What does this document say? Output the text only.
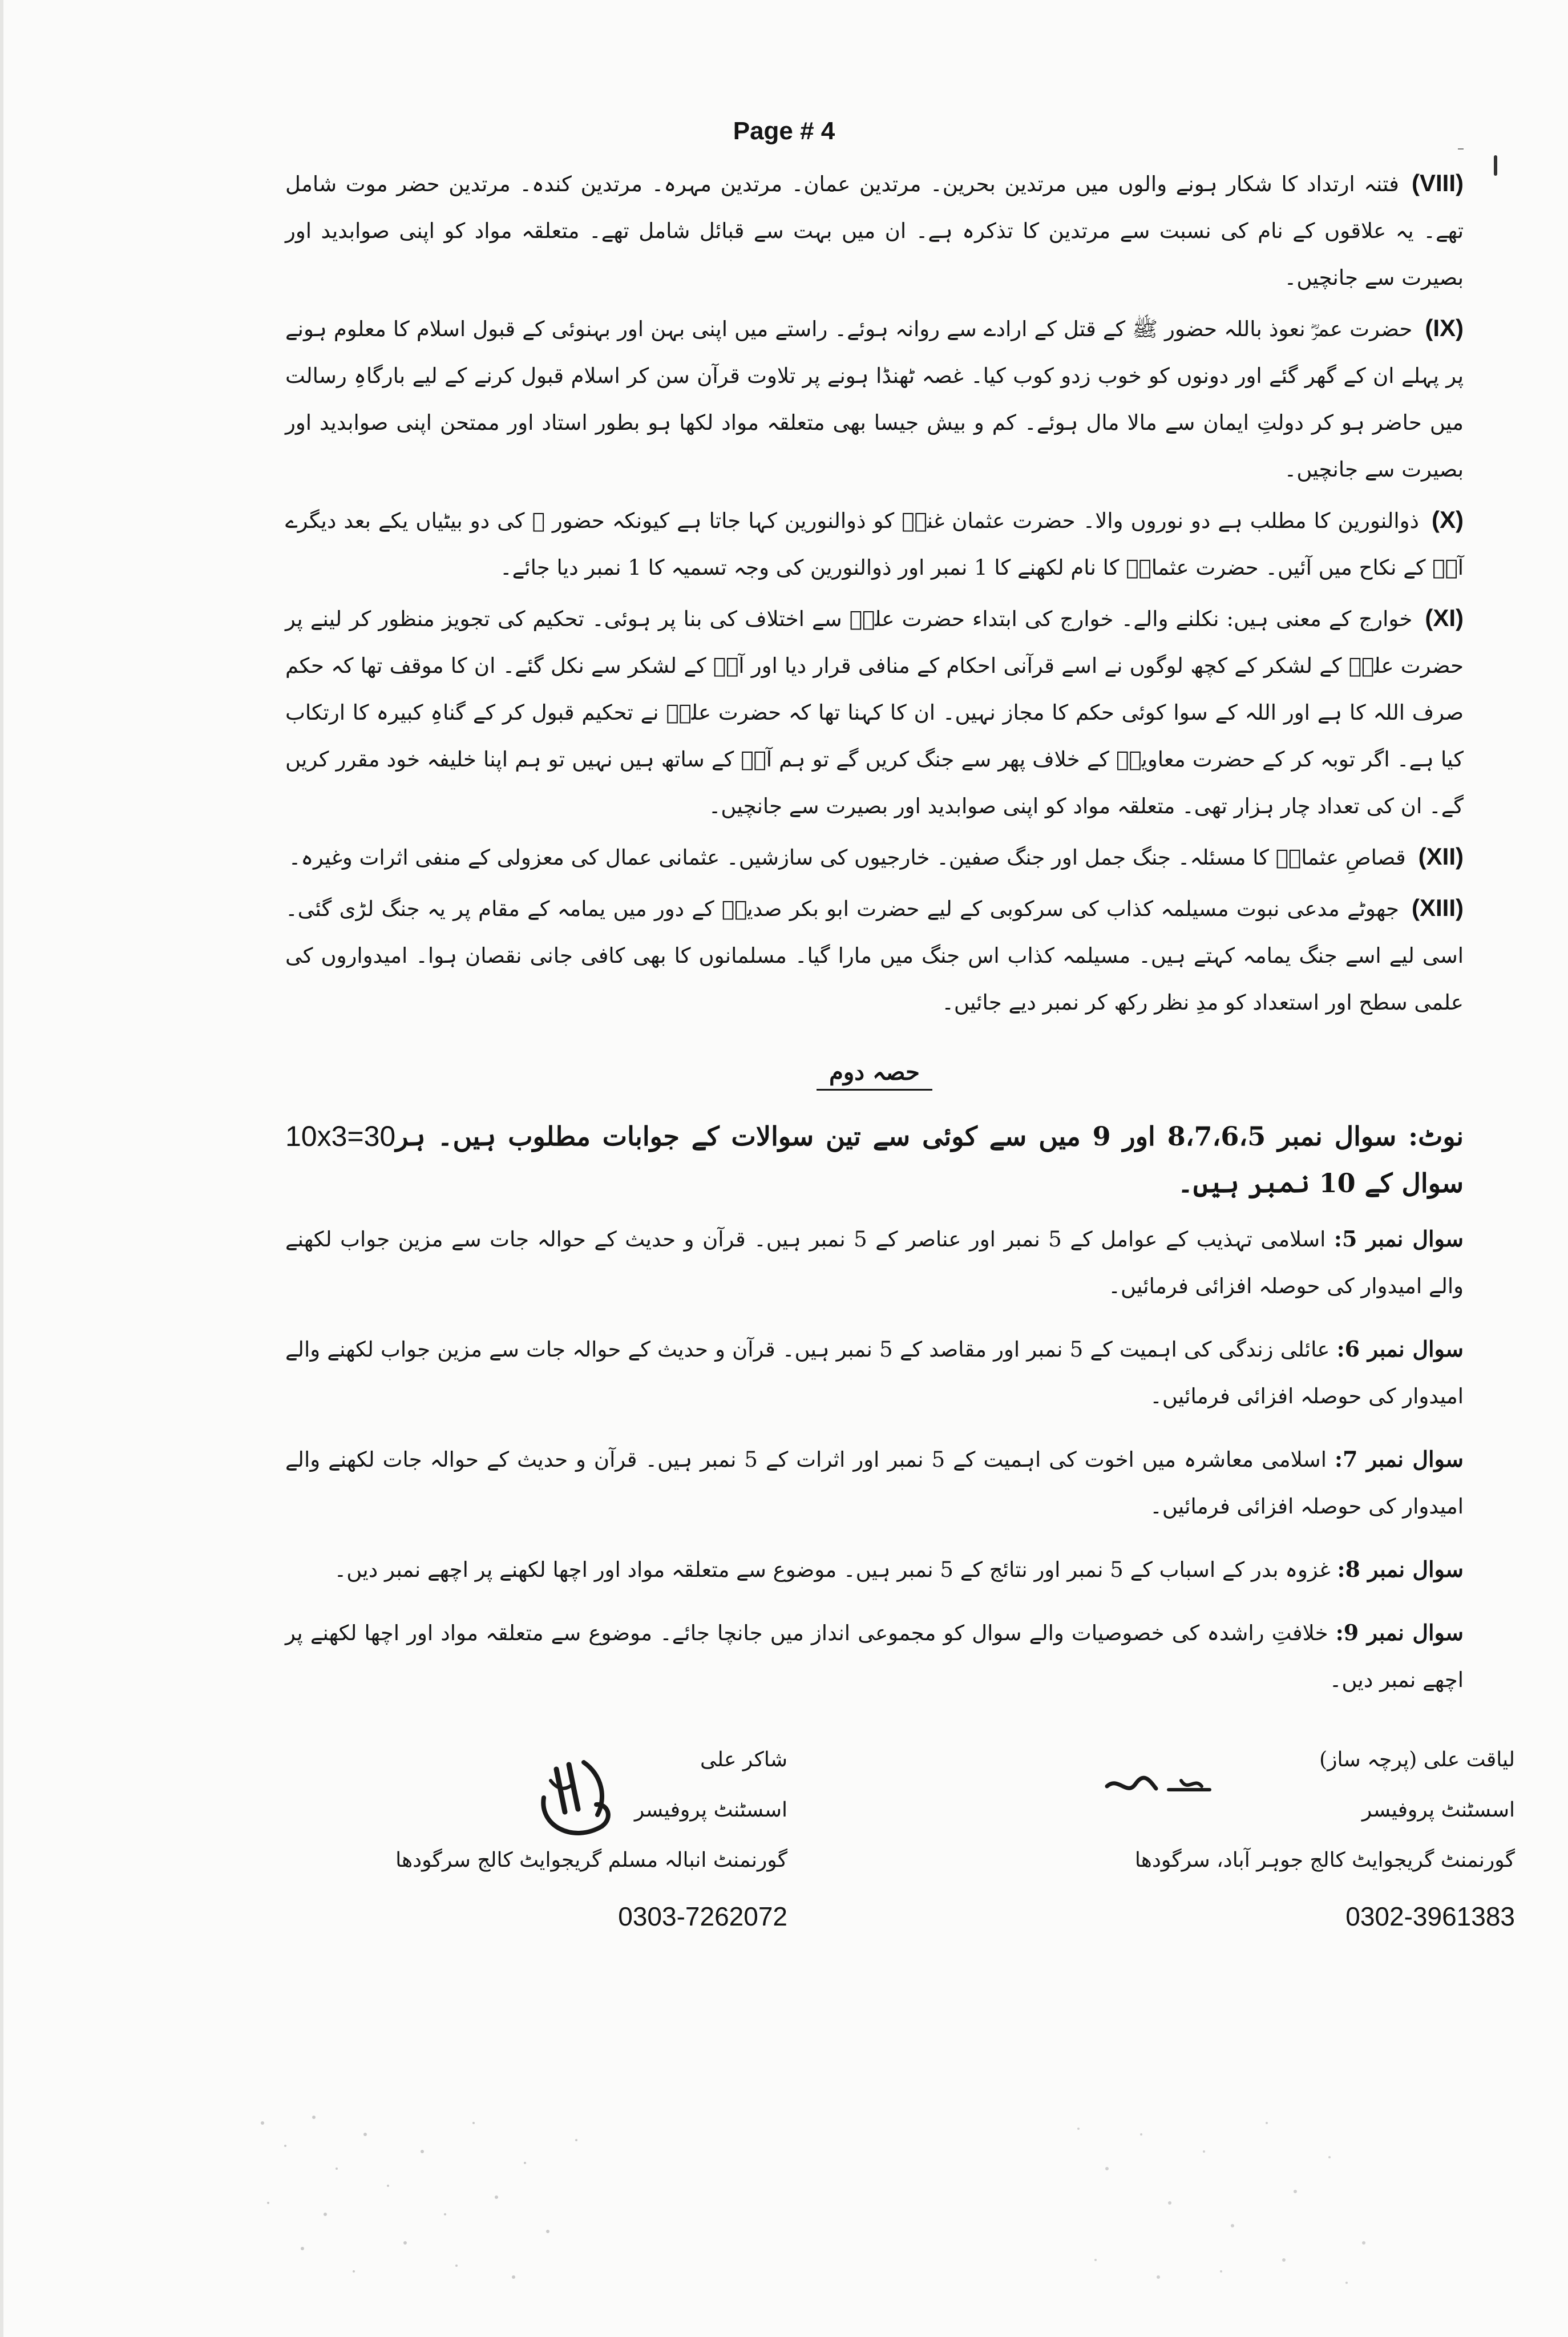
Page # 4

(VIII)فتنہ ارتداد کا شکار ہونے والوں میں مرتدین بحرین۔ مرتدین عمان۔ مرتدین مہرہ۔ مرتدین کندہ۔ مرتدین حضر موت شامل تھے۔ یہ علاقوں کے نام کی نسبت سے مرتدین کا تذکرہ ہے۔ ان میں بہت سے قبائل شامل تھے۔ متعلقہ مواد کو اپنی صوابدید اور بصیرت سے جانچیں۔

(IX)حضرت عمرؓ نعوذ باللہ حضور ﷺ کے قتل کے ارادے سے روانہ ہوئے۔ راستے میں اپنی بہن اور بہنوئی کے قبول اسلام کا معلوم ہونے پر پہلے ان کے گھر گئے اور دونوں کو خوب زدو کوب کیا۔ غصہ ٹھنڈا ہونے پر تلاوت قرآن سن کر اسلام قبول کرنے کے لیے بارگاہِ رسالت میں حاضر ہو کر دولتِ ایمان سے مالا مال ہوئے۔ کم و بیش جیسا بھی متعلقہ مواد لکھا ہو بطور استاد اور ممتحن اپنی صوابدید اور بصیرت سے جانچیں۔

(X)ذوالنورین کا مطلب ہے دو نوروں والا۔ حضرت عثمان غنیؓ کو ذوالنورین کہا جاتا ہے کیونکہ حضور ﷺ کی دو بیٹیاں یکے بعد دیگرے آپؓ کے نکاح میں آئیں۔ حضرت عثمانؓ کا نام لکھنے کا 1 نمبر اور ذوالنورین کی وجہ تسمیہ کا 1 نمبر دیا جائے۔

(XI)خوارج کے معنی ہیں: نکلنے والے۔ خوارج کی ابتداء حضرت علیؓ سے اختلاف کی بنا پر ہوئی۔ تحکیم کی تجویز منظور کر لینے پر حضرت علیؓ کے لشکر کے کچھ لوگوں نے اسے قرآنی احکام کے منافی قرار دیا اور آپؓ کے لشکر سے نکل گئے۔ ان کا موقف تھا کہ حکم صرف اللہ کا ہے اور اللہ کے سوا کوئی حکم کا مجاز نہیں۔ ان کا کہنا تھا کہ حضرت علیؓ نے تحکیم قبول کر کے گناہِ کبیرہ کا ارتکاب کیا ہے۔ اگر توبہ کر کے حضرت معاویہؓ کے خلاف پھر سے جنگ کریں گے تو ہم آپؓ کے ساتھ ہیں نہیں تو ہم اپنا خلیفہ خود مقرر کریں گے۔ ان کی تعداد چار ہزار تھی۔ متعلقہ مواد کو اپنی صوابدید اور بصیرت سے جانچیں۔

(XII)قصاصِ عثمانؓ کا مسئلہ۔ جنگ جمل اور جنگ صفین۔ خارجیوں کی سازشیں۔ عثمانی عمال کی معزولی کے منفی اثرات وغیرہ۔

(XIII)جھوٹے مدعی نبوت مسیلمہ کذاب کی سرکوبی کے لیے حضرت ابو بکر صدیقؓ کے دور میں یمامہ کے مقام پر یہ جنگ لڑی گئی۔ اسی لیے اسے جنگ یمامہ کہتے ہیں۔ مسیلمہ کذاب اس جنگ میں مارا گیا۔ مسلمانوں کا بھی کافی جانی نقصان ہوا۔ امیدواروں کی علمی سطح اور استعداد کو مدِ نظر رکھ کر نمبر دیے جائیں۔

حصہ دوم

10x3=30 نوٹ: سوال نمبر 8،7،6،5 اور 9 میں سے کوئی سے تین سوالات کے جوابات مطلوب ہیں۔ ہر سوال کے 10 نمبر ہیں۔

سوال نمبر 5: اسلامی تہذیب کے عوامل کے 5 نمبر اور عناصر کے 5 نمبر ہیں۔ قرآن و حدیث کے حوالہ جات سے مزین جواب لکھنے والے امیدوار کی حوصلہ افزائی فرمائیں۔

سوال نمبر 6: عائلی زندگی کی اہمیت کے 5 نمبر اور مقاصد کے 5 نمبر ہیں۔ قرآن و حدیث کے حوالہ جات سے مزین جواب لکھنے والے امیدوار کی حوصلہ افزائی فرمائیں۔

سوال نمبر 7: اسلامی معاشرہ میں اخوت کی اہمیت کے 5 نمبر اور اثرات کے 5 نمبر ہیں۔ قرآن و حدیث کے حوالہ جات لکھنے والے امیدوار کی حوصلہ افزائی فرمائیں۔

سوال نمبر 8: غزوہ بدر کے اسباب کے 5 نمبر اور نتائج کے 5 نمبر ہیں۔ موضوع سے متعلقہ مواد اور اچھا لکھنے پر اچھے نمبر دیں۔

سوال نمبر 9: خلافتِ راشدہ کی خصوصیات والے سوال کو مجموعی انداز میں جانچا جائے۔ موضوع سے متعلقہ مواد اور اچھا لکھنے پر اچھے نمبر دیں۔

لیاقت علی (پرچہ ساز)
اسسٹنٹ پروفیسر
گورنمنٹ گریجوایٹ کالج جوہر آباد، سرگودھا
0302-3961383
شاکر علی
اسسٹنٹ پروفیسر
گورنمنٹ انبالہ مسلم گریجوایٹ کالج سرگودھا
0303-7262072
